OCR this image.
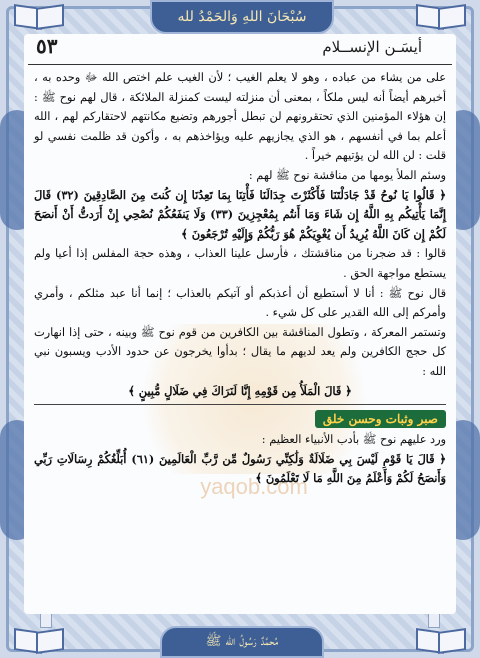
سُبْحَانَ اللهِ وَالحَمْدُ لله
مُحمَّدٌ رَسُولُ الله ﷺ
yaqob.com
٥٣	أيسَـن الإنســلام

على من يشاء من عباده ، وهو لا يعلم الغيب ؛ لأن الغيب علم اختص الله ﷻ وحده به ، أخبرهم أيضاً أنه ليس ملكاً ، بمعنى أن منزلته ليست كمنزلة الملائكة ، قال لهم نوح ﷺ : إن هؤلاء المؤمنين الذي تحتقرونهم لن تبطل أجورهم وتضيع مكانتهم لاحتقاركم لهم ، الله أعلم بما في أنفسهم ، هو الذي يجازيهم عليه ويؤاخذهم به ، وأكون قد ظلمت نفسي لو قلت : لن الله لن يؤتيهم خيراً .

وسئم الملأ يومها من مناقشة نوح ﷺ لهم :

﴿ قَالُوا يَا نُوحُ قَدْ جَادَلْتَنَا فَأَكْثَرْتَ جِدَالَنَا فَأْتِنَا بِمَا تَعِدُنَا إِن كُنتَ مِنَ الصَّادِقِينَ (٣٢) قَالَ إِنَّمَا يَأْتِيكُم بِهِ اللَّهُ إِن شَاءَ وَمَا أَنتُم بِمُعْجِزِينَ (٣٣) وَلَا يَنفَعُكُمْ نُصْحِي إِنْ أَرَدتُّ أَنْ أَنصَحَ لَكُمْ إِن كَانَ اللَّهُ يُرِيدُ أَن يُغْوِيَكُمْ هُوَ رَبُّكُمْ وَإِلَيْهِ تُرْجَعُونَ ﴾

قالوا : قد ضجرنا من مناقشتك ، فأرسل علينا العذاب ، وهذه حجة المفلس إذا أعيا ولم يستطع مواجهة الحق .

قال نوح ﷺ : أنا لا أستطيع أن أعذبكم أو آتيكم بالعذاب ؛ إنما أنا عبد مثلكم ، وأمري وأمركم إلى الله القدير على كل شيء .

وتستمر المعركة ، وتطول المناقشة بين الكافرين من قوم نوح ﷺ وبينه ، حتى إذا انهارت كل حجج الكافرين ولم يعد لديهم ما يقال ؛ بدأوا يخرجون عن حدود الأدب ويسبون نبي الله :

﴿ قَالَ الْمَلَأُ مِن قَوْمِهِ إِنَّا لَنَرَاكَ فِي ضَلَالٍ مُّبِينٍ ﴾

صبر وثبات وحسن خلق

ورد عليهم نوح ﷺ بأدب الأنبياء العظيم :

﴿ قَالَ يَا قَوْمِ لَيْسَ بِي ضَلَالَةٌ وَلَٰكِنِّي رَسُولٌ مِّن رَّبِّ الْعَالَمِينَ (٦١) أُبَلِّغُكُمْ رِسَالَاتِ رَبِّي وَأَنصَحُ لَكُمْ وَأَعْلَمُ مِنَ اللَّهِ مَا لَا تَعْلَمُونَ ﴾
